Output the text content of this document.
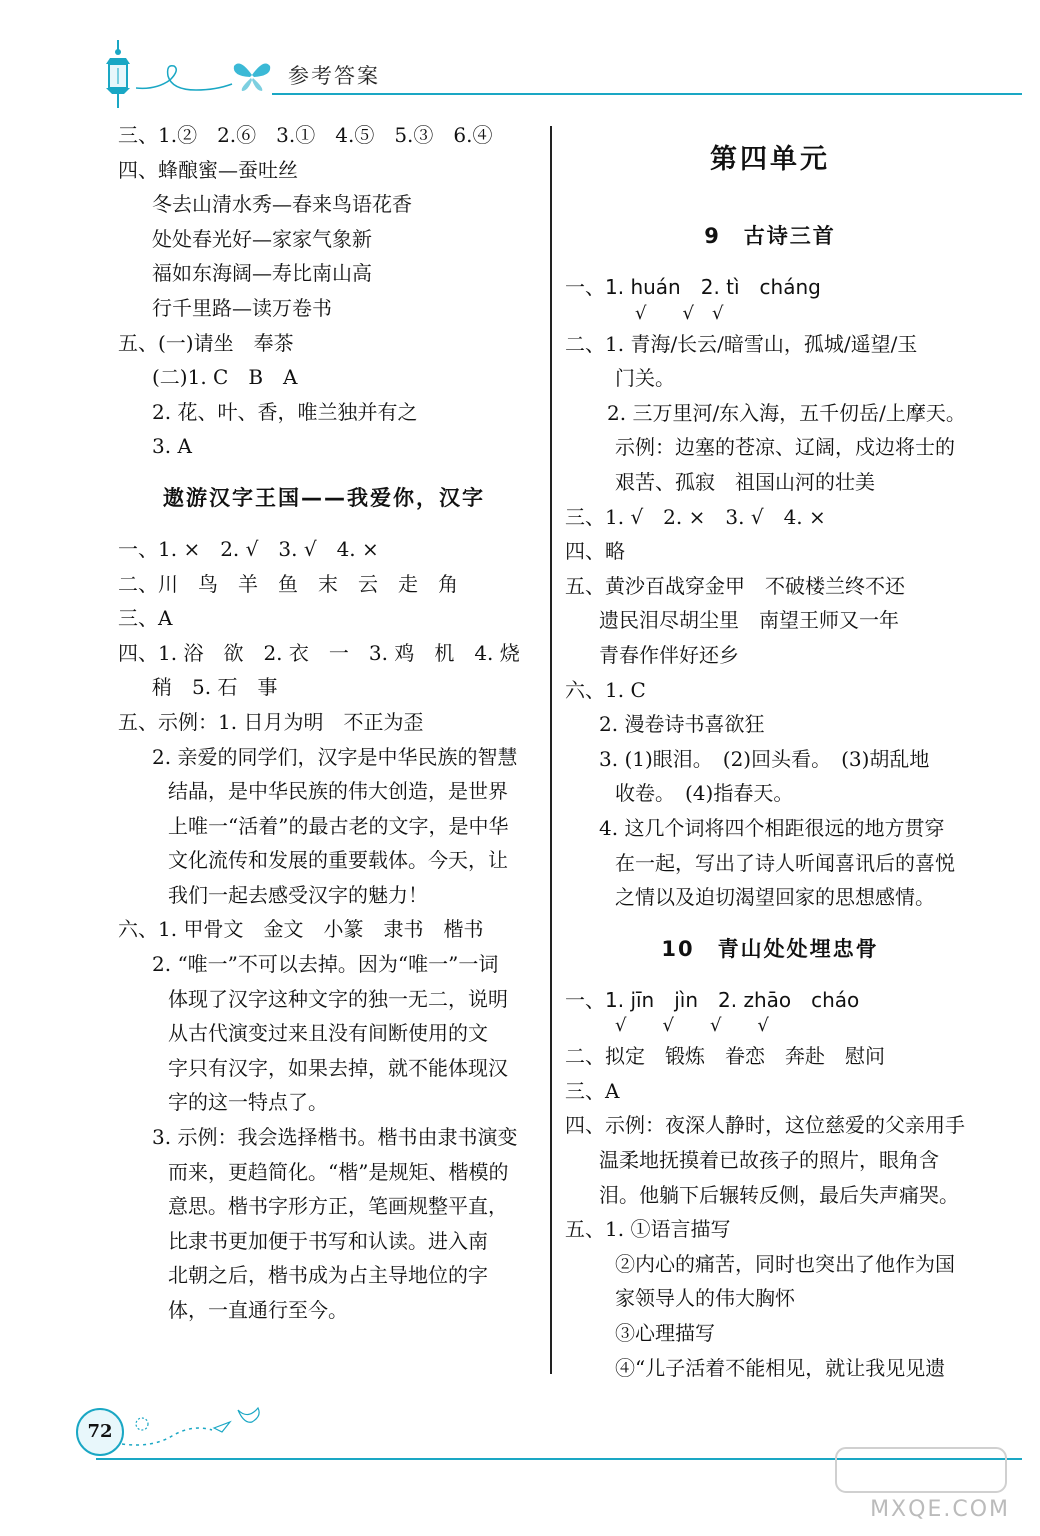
参考答案
三、1.②　2.⑥　3.①　4.⑤　5.③　6.④
四、蜂酿蜜—蚕吐丝
冬去山清水秀—春来鸟语花香
处处春光好—家家气象新
福如东海阔—寿比南山高
行千里路—读万卷书
五、(一)请坐　奉茶
(二)1. C　B　A
2. 花、叶、香，唯兰独并有之
3. A
遨游汉字王国——我爱你，汉字
一、1. ×　2. √　3. √　4. ×
二、川　鸟　羊　鱼　末　云　走　角
三、A
四、1. 浴　欲　2. 衣　一　3. 鸡　机　4. 烧
稍　5. 石　事
五、示例：1. 日月为明　不正为歪
2. 亲爱的同学们，汉字是中华民族的智慧
结晶，是中华民族的伟大创造，是世界
上唯一“活着”的最古老的文字，是中华
文化流传和发展的重要载体。今天，让
我们一起去感受汉字的魅力！
六、1. 甲骨文　金文　小篆　隶书　楷书
2. “唯一”不可以去掉。因为“唯一”一词
体现了汉字这种文字的独一无二，说明
从古代演变过来且没有间断使用的文
字只有汉字，如果去掉，就不能体现汉
字的这一特点了。
3. 示例：我会选择楷书。楷书由隶书演变
而来，更趋简化。“楷”是规矩、楷模的
意思。楷书字形方正，笔画规整平直，
比隶书更加便于书写和认读。进入南
北朝之后，楷书成为占主导地位的字
体，一直通行至今。
第四单元
9　古诗三首
一、1. huán　2. tì　cháng
√　　√　√
二、1. 青海/长云/暗雪山，孤城/遥望/玉
门关。
2. 三万里河/东入海，五千仞岳/上摩天。
示例：边塞的苍凉、辽阔，戍边将士的
艰苦、孤寂　祖国山河的壮美
三、1. √　2. ×　3. √　4. ×
四、略
五、黄沙百战穿金甲　不破楼兰终不还
遗民泪尽胡尘里　南望王师又一年
青春作伴好还乡
六、1. C
2. 漫卷诗书喜欲狂
3. (1)眼泪。　(2)回头看。　(3)胡乱地
收卷。　(4)指春天。
4. 这几个词将四个相距很远的地方贯穿
在一起，写出了诗人听闻喜讯后的喜悦
之情以及迫切渴望回家的思想感情。
10　青山处处埋忠骨
一、1. jīn　jìn　2. zhāo　cháo
√　　√　　√　　√
二、拟定　锻炼　眷恋　奔赴　慰问
三、A
四、示例：夜深人静时，这位慈爱的父亲用手
温柔地抚摸着已故孩子的照片，眼角含
泪。他躺下后辗转反侧，最后失声痛哭。
五、1. ①语言描写
②内心的痛苦，同时也突出了他作为国
家领导人的伟大胸怀
③心理描写
④“儿子活着不能相见，就让我见见遗
72
MXQE.COM
